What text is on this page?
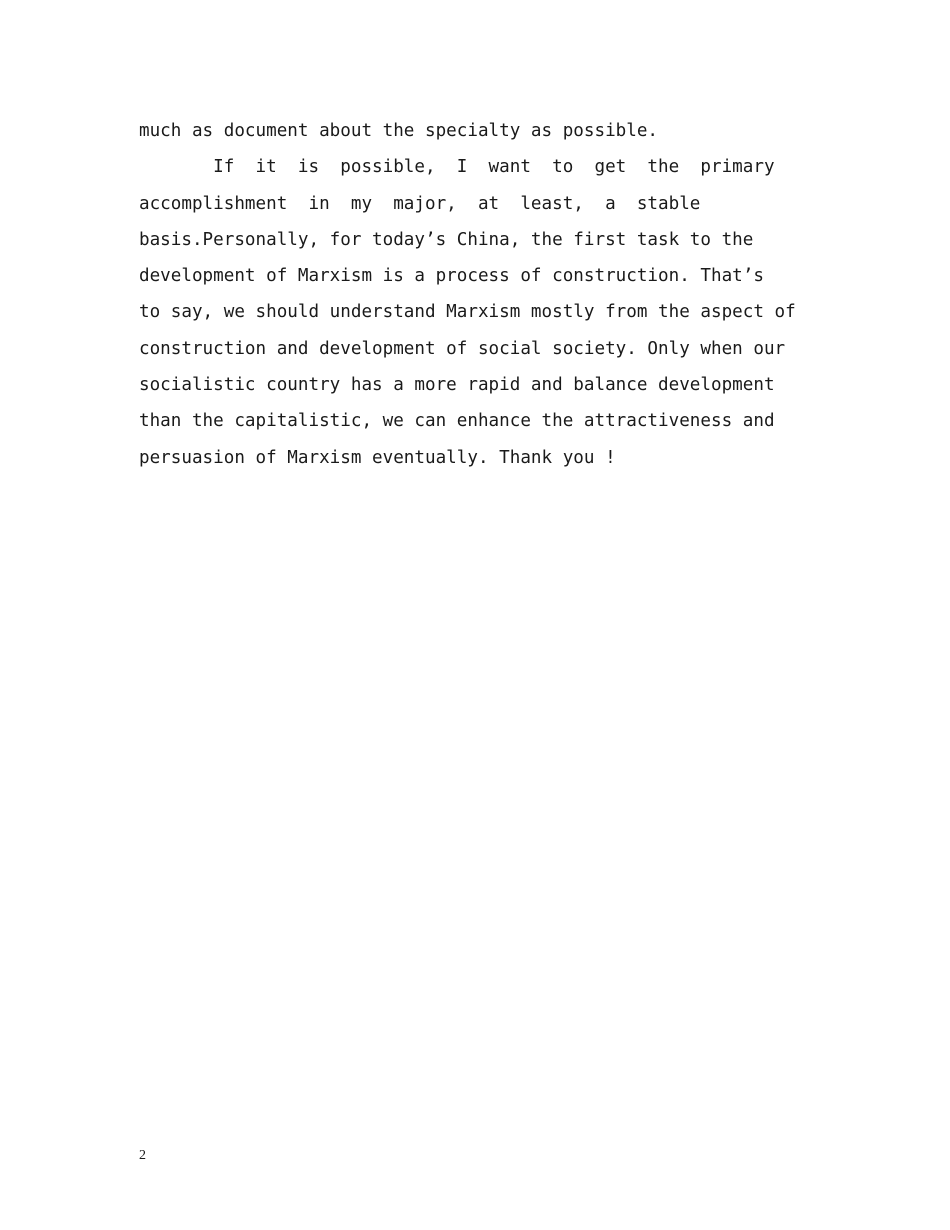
much as document about the specialty as possible.
If  it  is  possible,  I  want  to  get  the  primary
accomplishment  in  my  major,  at  least,  a  stable
basis.Personally, for today’s China, the first task to the
development of Marxism is a process of construction. That’s
to say, we should understand Marxism mostly from the aspect of
construction and development of social society. Only when our
socialistic country has a more rapid and balance development
than the capitalistic, we can enhance the attractiveness and
persuasion of Marxism eventually. Thank you !
2
